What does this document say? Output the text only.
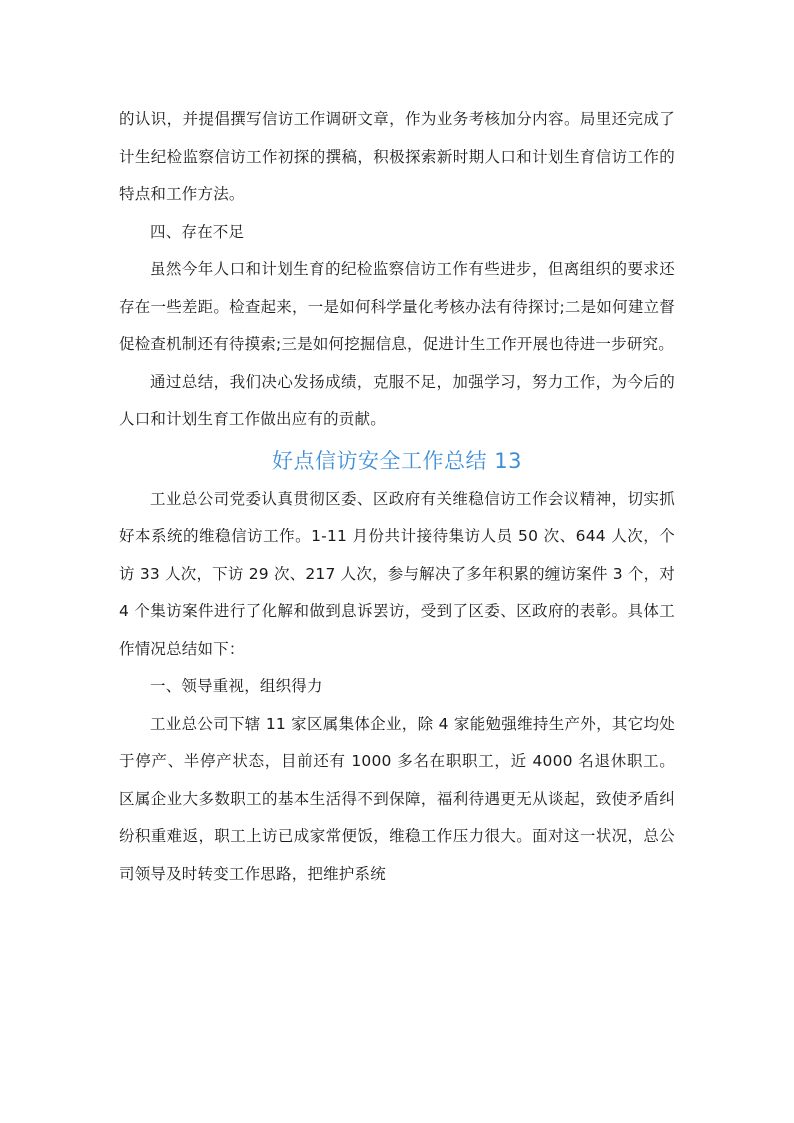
的认识，并提倡撰写信访工作调研文章，作为业务考核加分内容。局里还完成了计生纪检监察信访工作初探的撰稿，积极探索新时期人口和计划生育信访工作的特点和工作方法。

四、存在不足

虽然今年人口和计划生育的纪检监察信访工作有些进步，但离组织的要求还存在一些差距。检查起来，一是如何科学量化考核办法有待探讨;二是如何建立督促检查机制还有待摸索;三是如何挖掘信息，促进计生工作开展也待进一步研究。

通过总结，我们决心发扬成绩，克服不足，加强学习，努力工作，为今后的人口和计划生育工作做出应有的贡献。

好点信访安全工作总结 13

工业总公司党委认真贯彻区委、区政府有关维稳信访工作会议精神，切实抓好本系统的维稳信访工作。1-11 月份共计接待集访人员 50 次、644 人次，个访 33 人次，下访 29 次、217 人次，参与解决了多年积累的缠访案件 3 个，对 4 个集访案件进行了化解和做到息诉罢访，受到了区委、区政府的表彰。具体工作情况总结如下：

一、领导重视，组织得力

工业总公司下辖 11 家区属集体企业，除 4 家能勉强维持生产外，其它均处于停产、半停产状态，目前还有 1000 多名在职职工，近 4000 名退休职工。区属企业大多数职工的基本生活得不到保障，福利待遇更无从谈起，致使矛盾纠纷积重难返，职工上访已成家常便饭，维稳工作压力很大。面对这一状况，总公司领导及时转变工作思路，把维护系统
